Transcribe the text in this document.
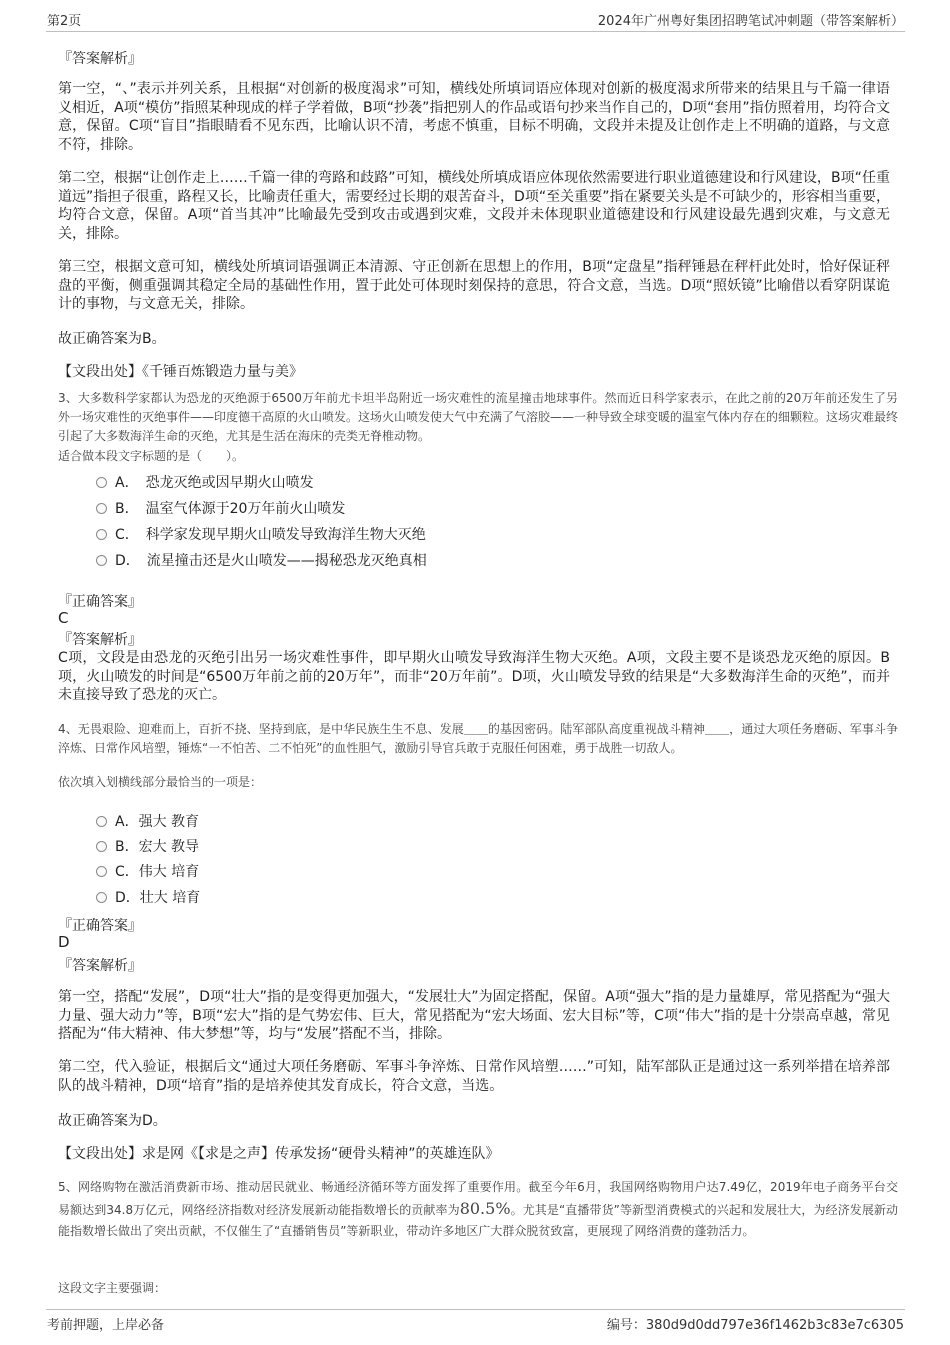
第2页	2024年广州粤好集团招聘笔试冲刺题（带答案解析）
『答案解析』
第一空，“、”表示并列关系，且根据“对创新的极度渴求”可知，横线处所填词语应体现对创新的极度渴求所带来的结果且与千篇一律语义相近，A项“模仿”指照某种现成的样子学着做，B项“抄袭”指把别人的作品或语句抄来当作自己的，D项“套用”指仿照着用，均符合文意，保留。C项“盲目”指眼睛看不见东西，比喻认识不清，考虑不慎重，目标不明确，文段并未提及让创作走上不明确的道路，与文意不符，排除。
第二空，根据“让创作走上……千篇一律的弯路和歧路”可知，横线处所填成语应体现依然需要进行职业道德建设和行风建设，B项“任重道远”指担子很重，路程又长，比喻责任重大，需要经过长期的艰苦奋斗，D项“至关重要”指在紧要关头是不可缺少的，形容相当重要，均符合文意，保留。A项“首当其冲”比喻最先受到攻击或遇到灾难，文段并未体现职业道德建设和行风建设最先遇到灾难，与文意无关，排除。
第三空，根据文意可知，横线处所填词语强调正本清源、守正创新在思想上的作用，B项“定盘星”指秤锤悬在秤杆此处时，恰好保证秤盘的平衡，侧重强调其稳定全局的基础性作用，置于此处可体现时刻保持的意思，符合文意，当选。D项“照妖镜”比喻借以看穿阴谋诡计的事物，与文意无关，排除。
故正确答案为B。
【文段出处】《千锤百炼锻造力量与美》
3、大多数科学家都认为恐龙的灭绝源于6500万年前尤卡坦半岛附近一场灾难性的流星撞击地球事件。然而近日科学家表示，在此之前的20万年前还发生了另外一场灾难性的灭绝事件——印度德干高原的火山喷发。这场火山喷发使大气中充满了气溶胶——一种导致全球变暖的温室气体内存在的细颗粒。这场灾难最终引起了大多数海洋生命的灭绝，尤其是生活在海床的壳类无脊椎动物。
适合做本段文字标题的是（　　）。
A．　恐龙灭绝或因早期火山喷发
B．　温室气体源于20万年前火山喷发
C．　科学家发现早期火山喷发导致海洋生物大灭绝
D．　流星撞击还是火山喷发——揭秘恐龙灭绝真相
『正确答案』
C
『答案解析』
C项，文段是由恐龙的灭绝引出另一场灾难性事件，即早期火山喷发导致海洋生物大灭绝。A项，文段主要不是谈恐龙灭绝的原因。B项，火山喷发的时间是“6500万年前之前的20万年”，而非“20万年前”。D项，火山喷发导致的结果是“大多数海洋生命的灭绝”，而并未直接导致了恐龙的灭亡。
4、无畏艰险、迎难而上，百折不挠、坚持到底，是中华民族生生不息、发展＿＿的基因密码。陆军部队高度重视战斗精神＿＿，通过大项任务磨砺、军事斗争淬炼、日常作风培塑，锤炼“一不怕苦、二不怕死”的血性胆气，激励引导官兵敢于克服任何困难，勇于战胜一切敌人。
依次填入划横线部分最恰当的一项是：
A．强大 教育
B．宏大 教导
C．伟大 培育
D．壮大 培育
『正确答案』
D
『答案解析』
第一空，搭配“发展”，D项“壮大”指的是变得更加强大，“发展壮大”为固定搭配，保留。A项“强大”指的是力量雄厚，常见搭配为“强大力量、强大动力”等，B项“宏大”指的是气势宏伟、巨大，常见搭配为“宏大场面、宏大目标”等，C项“伟大”指的是十分崇高卓越，常见搭配为“伟大精神、伟大梦想”等，均与“发展”搭配不当，排除。
第二空，代入验证，根据后文“通过大项任务磨砺、军事斗争淬炼、日常作风培塑……”可知，陆军部队正是通过这一系列举措在培养部队的战斗精神，D项“培育”指的是培养使其发育成长，符合文意，当选。
故正确答案为D。
【文段出处】求是网《【求是之声】传承发扬“硬骨头精神”的英雄连队》
5、网络购物在激活消费新市场、推动居民就业、畅通经济循环等方面发挥了重要作用。截至今年6月，我国网络购物用户达7.49亿，2019年电子商务平台交易额达到34.8万亿元，网络经济指数对经济发展新动能指数增长的贡献率为80.5%。尤其是“直播带货”等新型消费模式的兴起和发展壮大，为经济发展新动能指数增长做出了突出贡献，不仅催生了“直播销售员”等新职业，带动许多地区广大群众脱贫致富，更展现了网络消费的蓬勃活力。
这段文字主要强调：
考前押题，上岸必备	编号：380d9d0dd797e36f1462b3c83e7c6305
